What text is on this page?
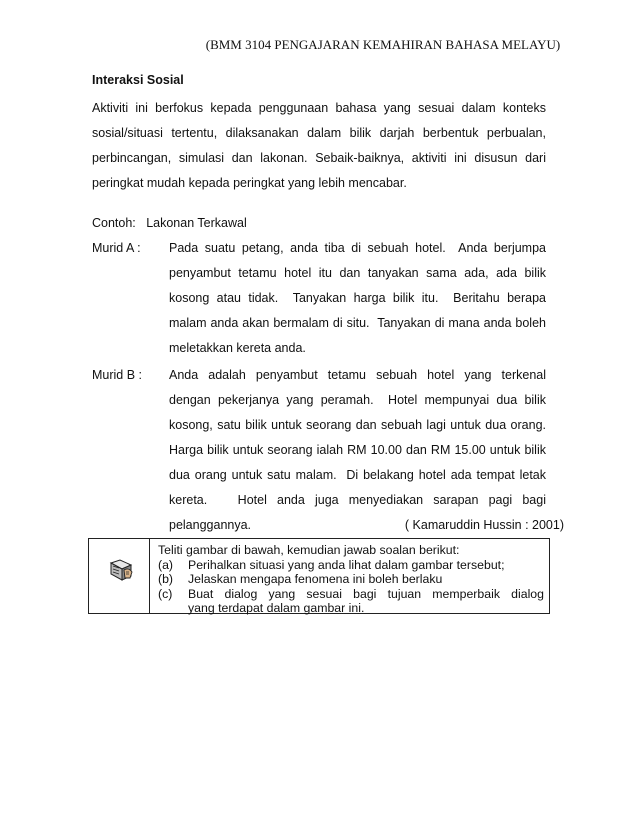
(BMM 3104 PENGAJARAN KEMAHIRAN BAHASA MELAYU)
Interaksi Sosial
Aktiviti ini berfokus kepada penggunaan bahasa yang sesuai dalam konteks
sosial/situasi tertentu, dilaksanakan dalam bilik darjah berbentuk perbualan,
perbincangan, simulasi dan lakonan. Sebaik-baiknya, aktiviti ini disusun dari
peringkat mudah kepada peringkat yang lebih mencabar.
Contoh:   Lakonan Terkawal
Murid A : Pada suatu petang, anda tiba di sebuah hotel.  Anda berjumpa
penyambut tetamu hotel itu dan tanyakan sama ada, ada bilik
kosong atau tidak.  Tanyakan harga bilik itu.  Beritahu berapa
malam anda akan bermalam di situ.  Tanyakan di mana anda boleh
meletakkan kereta anda.
Murid B : Anda adalah penyambut tetamu sebuah hotel yang terkenal
dengan pekerjanya yang peramah.  Hotel mempunyai dua bilik
kosong, satu bilik untuk seorang dan sebuah lagi untuk dua orang.
Harga bilik untuk seorang ialah RM 10.00 dan RM 15.00 untuk bilik
dua orang untuk satu malam.  Di belakang hotel ada tempat letak
kereta.   Hotel anda juga menyediakan sarapan pagi bagi
pelanggannya.	( Kamaruddin Hussin : 2001)
Teliti gambar di bawah, kemudian jawab soalan berikut:
(a) Perihalkan situasi yang anda lihat dalam gambar tersebut;
(b) Jelaskan mengapa fenomena ini boleh berlaku
(c) Buat dialog yang sesuai bagi tujuan memperbaik dialog
yang terdapat dalam gambar ini.
